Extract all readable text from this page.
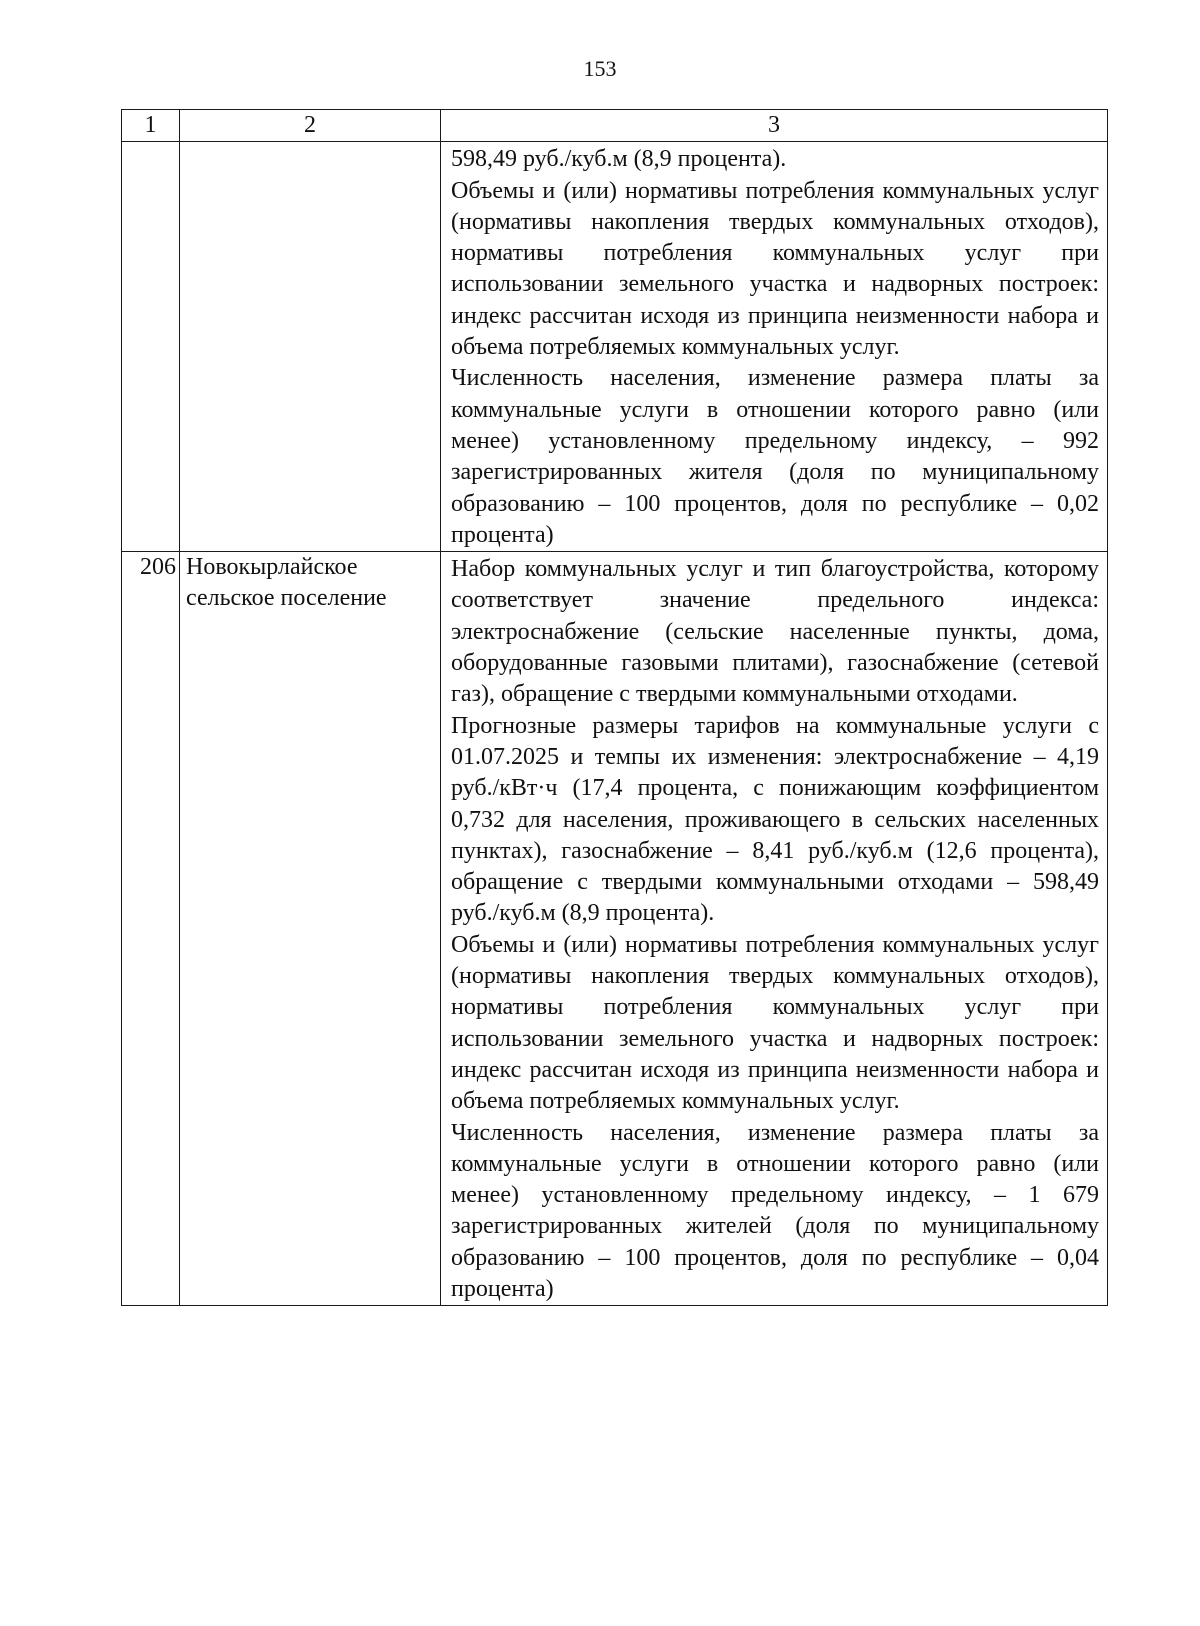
153
1	2	3

		598,49 руб./куб.м (8,9 процента).

Объемы и (или) нормативы потребления коммунальных услуг (нормативы накопления твердых коммунальных отходов), нормативы потребления коммунальных услуг при использовании земельного участка и надворных построек: индекс рассчитан исходя из принципа неизменности набора и объема потребляемых коммунальных услуг.

Численность населения, изменение размера платы за коммунальные услуги в отношении которого равно (или менее) установленному предельному индексу, – 992 зарегистрированных жителя (доля по муниципальному образованию – 100 процентов, доля по республике – 0,02 процента)

206	Новокырлайское сельское поселение	Набор коммунальных услуг и тип благоустройства, которому соответствует значение предельного индекса: электроснабжение (сельские населенные пункты, дома, оборудованные газовыми плитами), газоснабжение (сетевой газ), обращение с твердыми коммунальными отходами.

Прогнозные размеры тарифов на коммунальные услуги с 01.07.2025 и темпы их изменения: электроснабжение – 4,19 руб./кВт·ч (17,4 процента, с понижающим коэффициентом 0,732 для населения, проживающего в сельских населенных пунктах), газоснабжение – 8,41 руб./куб.м (12,6 процента), обращение с твердыми коммунальными отходами – 598,49 руб./куб.м (8,9 процента).

Объемы и (или) нормативы потребления коммунальных услуг (нормативы накопления твердых коммунальных отходов), нормативы потребления коммунальных услуг при использовании земельного участка и надворных построек: индекс рассчитан исходя из принципа неизменности набора и объема потребляемых коммунальных услуг.

Численность населения, изменение размера платы за коммунальные услуги в отношении которого равно (или менее) установленному предельному индексу, – 1 679 зарегистрированных жителей (доля по муниципальному образованию – 100 процентов, доля по республике – 0,04 процента)
